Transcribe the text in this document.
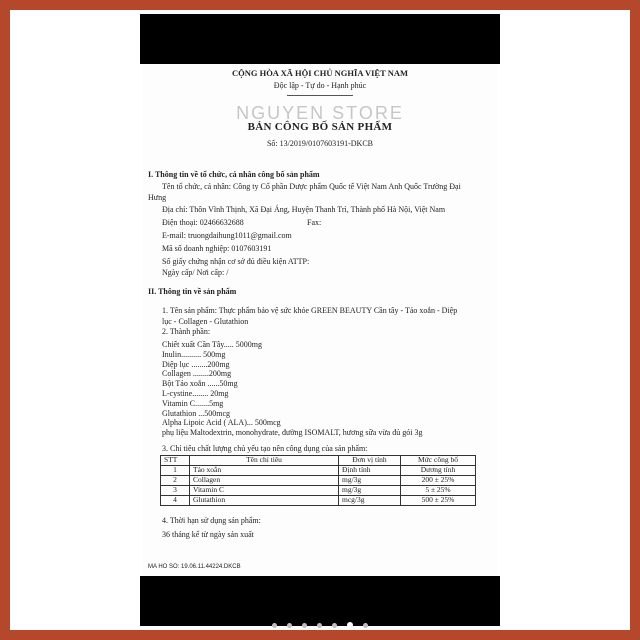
NGUYEN STORE
CỘNG HÒA XÃ HỘI CHỦ NGHĨA VIỆT NAM
Độc lập - Tự do - Hạnh phúc
BẢN CÔNG BỐ SẢN PHẨM
Số: 13/2019/0107603191-DKCB
I. Thông tin về tổ chức, cá nhân công bố sản phẩm
Tên tổ chức, cá nhân: Công ty Cổ phần Dược phẩm Quốc tế Việt Nam Anh Quốc Trường Đại
Hưng
Địa chỉ: Thôn Vĩnh Thịnh, Xã Đại Áng, Huyện Thanh Trì, Thành phố Hà Nội, Việt Nam
Điện thoại: 02466632688	Fax:
E-mail: truongdaihung1011@gmail.com
Mã số doanh nghiệp: 0107603191
Số giấy chứng nhận cơ sở đủ điều kiện ATTP:
Ngày cấp/ Nơi cấp: /
II. Thông tin về sản phẩm
1. Tên sản phẩm: Thực phẩm bảo vệ sức khỏe GREEN BEAUTY Cần tây - Tảo xoắn - Diệp
lục - Collagen - Glutathion
2. Thành phần:
Chiết xuất Cần Tây..... 5000mg
Inulin.......... 500mg
Diệp lục ........200mg
Collagen ........200mg
Bột Tảo xoắn ......50mg
L-cystine........ 20mg
Vitamin C.......5mg
Glutathion ...500mcg
Alpha Lipoic Acid ( ALA)... 500mcg
phụ liệu Maltodextrin, monohydrate, đường ISOMALT, hương sữa vừa đủ gói 3g
3. Chỉ tiêu chất lượng chủ yếu tạo nên công dụng của sản phẩm:
STT	Tên chỉ tiêu	Đơn vị tính	Mức công bố
1	Tảo xoắn	Định tính	Dương tính
2	Collagen	mg/3g	200 ± 25%
3	Vitamin C	mg/3g	5 ± 25%
4	Glutathion	mcg/3g	500 ± 25%
4. Thời hạn sử dụng sản phẩm:
36 tháng kể từ ngày sản xuất
MA HO SO: 19.06.11.44224.DKCB
